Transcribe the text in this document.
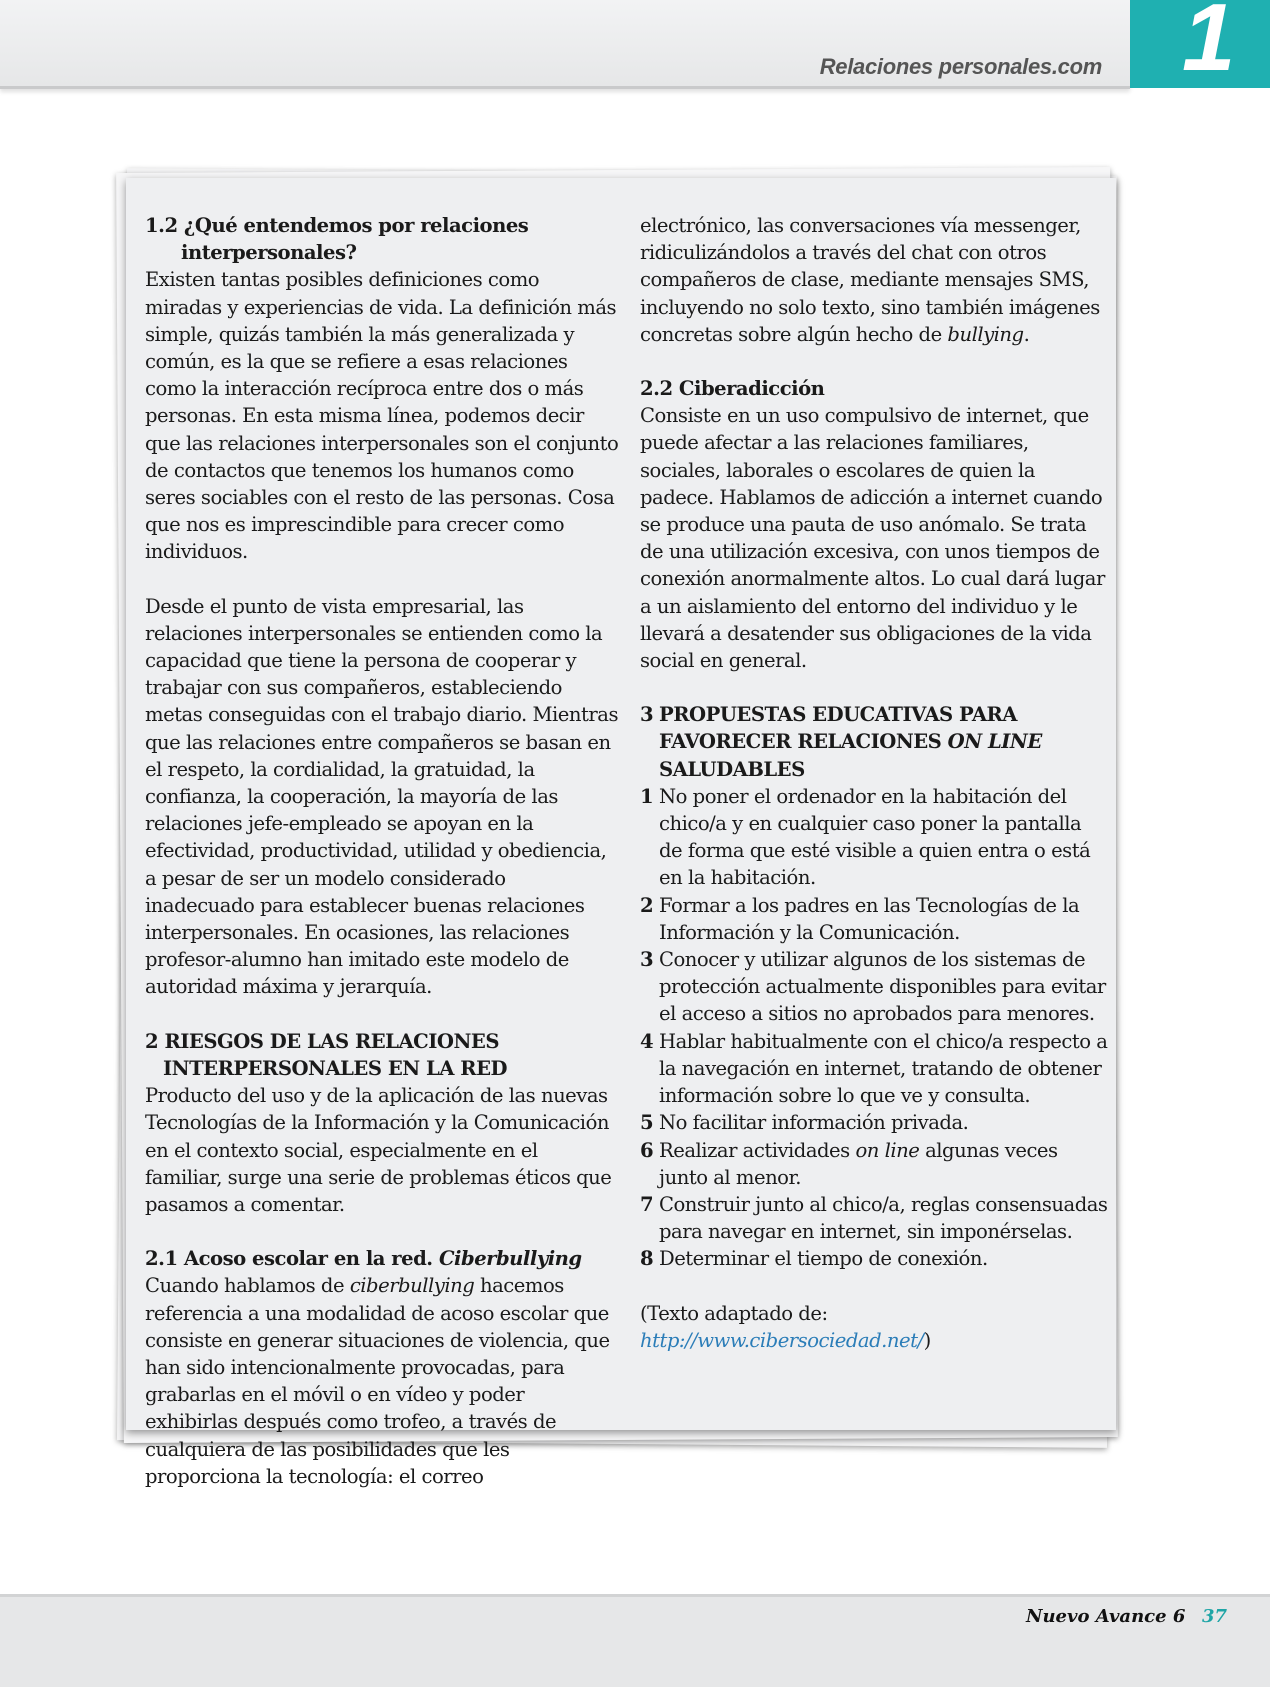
Relaciones personales.com 1

1.2 ¿Qué entendemos por relaciones interpersonales?

Existen tantas posibles definiciones como miradas y experiencias de vida. La definición más simple, quizás también la más generalizada y común, es la que se refiere a esas relaciones como la interacción recíproca entre dos o más personas. En esta misma línea, podemos decir que las relaciones interpersonales son el conjunto de contactos que tenemos los humanos como seres sociables con el resto de las personas. Cosa que nos es imprescindible para crecer como individuos.

Desde el punto de vista empresarial, las relaciones interpersonales se entienden como la capacidad que tiene la persona de cooperar y trabajar con sus compañeros, estableciendo metas conseguidas con el trabajo diario. Mientras que las relaciones entre compañeros se basan en el respeto, la cordialidad, la gratuidad, la confianza, la cooperación, la mayoría de las relaciones jefe-empleado se apoyan en la efectividad, productividad, utilidad y obediencia, a pesar de ser un modelo considerado inadecuado para establecer buenas relaciones interpersonales. En ocasiones, las relaciones profesor-alumno han imitado este modelo de autoridad máxima y jerarquía.

2 RIESGOS DE LAS RELACIONES INTERPERSONALES EN LA RED

Producto del uso y de la aplicación de las nuevas Tecnologías de la Información y la Comunicación en el contexto social, especialmente en el familiar, surge una serie de problemas éticos que pasamos a comentar.

2.1 Acoso escolar en la red. Ciberbullying

Cuando hablamos de ciberbullying hacemos referencia a una modalidad de acoso escolar que consiste en generar situaciones de violencia, que han sido intencionalmente provocadas, para grabarlas en el móvil o en vídeo y poder exhibirlas después como trofeo, a través de cualquiera de las posibilidades que les proporciona la tecnología: el correo

electrónico, las conversaciones vía messenger, ridiculizándolos a través del chat con otros compañeros de clase, mediante mensajes SMS, incluyendo no solo texto, sino también imágenes concretas sobre algún hecho de bullying.

2.2 Ciberadicción

Consiste en un uso compulsivo de internet, que puede afectar a las relaciones familiares, sociales, laborales o escolares de quien la padece. Hablamos de adicción a internet cuando se produce una pauta de uso anómalo. Se trata de una utilización excesiva, con unos tiempos de conexión anormalmente altos. Lo cual dará lugar a un aislamiento del entorno del individuo y le llevará a desatender sus obligaciones de la vida social en general.

3 PROPUESTAS EDUCATIVAS PARA FAVORECER RELACIONES ON LINE SALUDABLES
1 No poner el ordenador en la habitación del chico/a y en cualquier caso poner la pantalla de forma que esté visible a quien entra o está en la habitación.
2 Formar a los padres en las Tecnologías de la Información y la Comunicación.
3 Conocer y utilizar algunos de los sistemas de protección actualmente disponibles para evitar el acceso a sitios no aprobados para menores.
4 Hablar habitualmente con el chico/a respecto a la navegación en internet, tratando de obtener información sobre lo que ve y consulta.
5 No facilitar información privada.
6 Realizar actividades on line algunas veces junto al menor.
7 Construir junto al chico/a, reglas consensuadas para navegar en internet, sin imponérselas.
8 Determinar el tiempo de conexión.

(Texto adaptado de: http://www.cibersociedad.net/)

Nuevo Avance 6 37
